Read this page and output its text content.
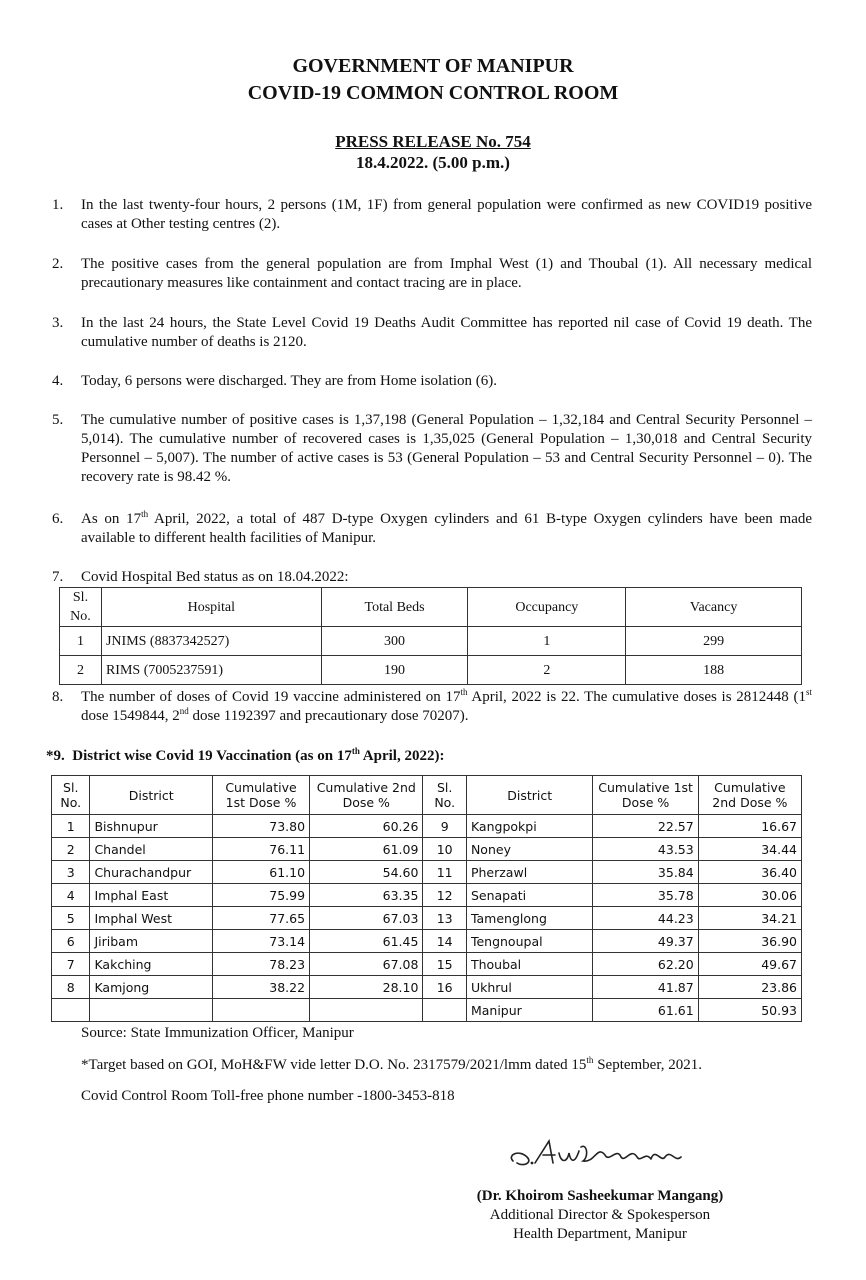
GOVERNMENT OF MANIPUR
COVID-19 COMMON CONTROL ROOM
PRESS RELEASE No. 754
18.4.2022. (5.00 p.m.)
1.	In the last twenty-four hours, 2 persons (1M, 1F) from general population were confirmed as new COVID19 positive cases at Other testing centres (2).
2.	The positive cases from the general population are from Imphal West (1) and Thoubal (1). All necessary medical precautionary measures like containment and contact tracing are in place.
3.	In the last 24 hours, the State Level Covid 19 Deaths Audit Committee has reported nil case of Covid 19 death. The cumulative number of deaths is 2120.
4.	Today, 6 persons were discharged. They are from Home isolation (6).
5.	The cumulative number of positive cases is 1,37,198 (General Population – 1,32,184 and Central Security Personnel – 5,014). The cumulative number of recovered cases is 1,35,025 (General Population – 1,30,018 and Central Security Personnel – 5,007). The number of active cases is 53 (General Population – 53 and Central Security Personnel – 0). The recovery rate is 98.42 %.
6.	As on 17th April, 2022, a total of 487 D-type Oxygen cylinders and 61 B-type Oxygen cylinders have been made available to different health facilities of Manipur.
7.	Covid Hospital Bed status as on 18.04.2022:
Sl. No.	Hospital	Total Beds	Occupancy	Vacancy
1	JNIMS (8837342527)	300	1	299
2	RIMS (7005237591)	190	2	188
8.	The number of doses of Covid 19 vaccine administered on 17th April, 2022 is 22. The cumulative doses is 2812448 (1st dose 1549844, 2nd dose 1192397 and precautionary dose 70207).
*9.  District wise Covid 19 Vaccination (as on 17th April, 2022):
Sl. No.	District	Cumulative 1st Dose %	Cumulative 2nd Dose %	Sl. No.	District	Cumulative 1st Dose %	Cumulative 2nd Dose %
1	Bishnupur	73.80	60.26	9	Kangpokpi	22.57	16.67
2	Chandel	76.11	61.09	10	Noney	43.53	34.44
3	Churachandpur	61.10	54.60	11	Pherzawl	35.84	36.40
4	Imphal East	75.99	63.35	12	Senapati	35.78	30.06
5	Imphal West	77.65	67.03	13	Tamenglong	44.23	34.21
6	Jiribam	73.14	61.45	14	Tengnoupal	49.37	36.90
7	Kakching	78.23	67.08	15	Thoubal	62.20	49.67
8	Kamjong	38.22	28.10	16	Ukhrul	41.87	23.86
					Manipur	61.61	50.93
Source: State Immunization Officer, Manipur
*Target based on GOI, MoH&FW vide letter D.O. No. 2317579/2021/lmm dated 15th September, 2021.
Covid Control Room Toll-free phone number -1800-3453-818
(Dr. Khoirom Sasheekumar Mangang)
Additional Director & Spokesperson
Health Department, Manipur
